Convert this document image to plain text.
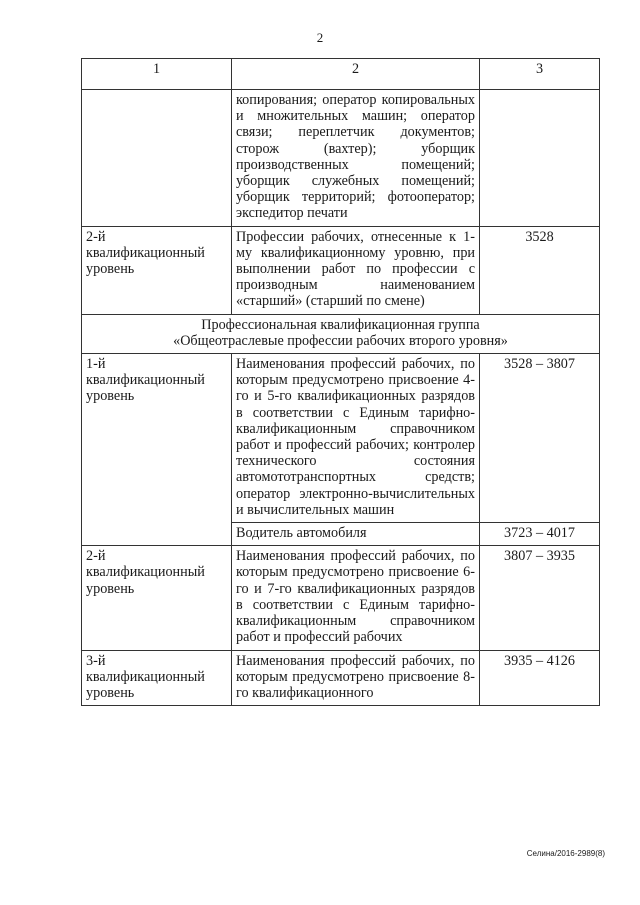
2
1	2	3
	копирования; оператор копировальных и множительных машин; оператор связи; переплетчик документов; сторож (вахтер); уборщик производственных помещений; уборщик служебных помещений; уборщик территорий; фотооператор; экспедитор печати	
2-й квалификационный уровень	Профессии рабочих, отнесенные к 1-му квалификационному уровню, при выполнении работ по профессии с производным наименованием «старший» (старший по смене)	3528
Профессиональная квалификационная группа
«Общеотраслевые профессии рабочих второго уровня»		
1-й квалификационный уровень	Наименования профессий рабочих, по которым предусмотрено присвоение 4-го и 5-го квалификационных разрядов в соответствии с Единым тарифно-квалификационным справочником работ и профессий рабочих; контролер технического состояния автомототранспортных средств; оператор электронно-вычислительных и вычислительных машин	3528 – 3807
	Водитель автомобиля	3723 – 4017
2-й квалификационный уровень	Наименования профессий рабочих, по которым предусмотрено присвоение 6-го и 7-го квалификационных разрядов в соответствии с Единым тарифно-квалификационным справочником работ и профессий рабочих	3807 – 3935
3-й квалификационный уровень	Наименования профессий рабочих, по которым предусмотрено присвоение 8-го квалификационного	3935 – 4126
Селина/2016-2989(8)
